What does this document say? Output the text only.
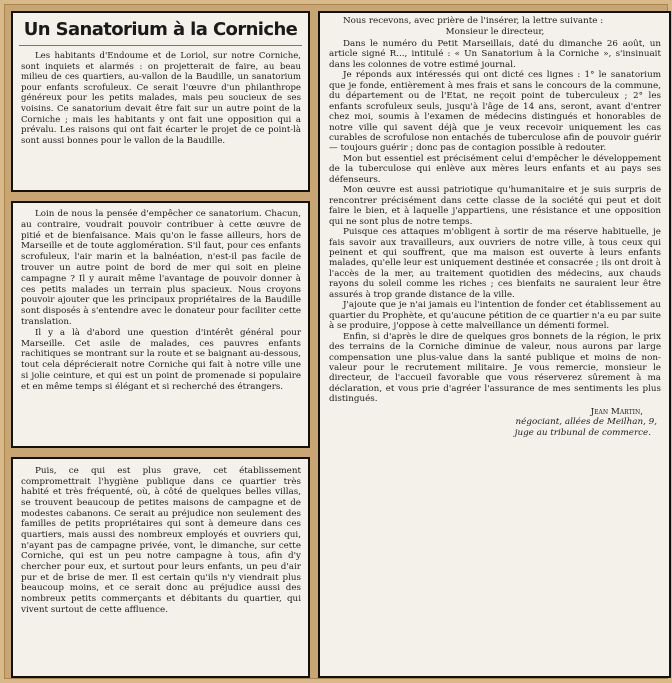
Un Sanatorium à la Corniche

Les habitants d'Endoume et de Loriol, sur notre Corniche, sont inquiets et alarmés : on projetterait de faire, au beau milieu de ces quartiers, au-vallon de la Baudille, un sanatorium pour enfants scrofuleux. Ce serait l'œuvre d'un philanthrope généreux pour les petits malades, mais peu soucieux de ses voisins. Ce sanatorium devait être fait sur un autre point de la Corniche ; mais les habitants y ont fait une opposition qui a prévalu. Les raisons qui ont fait écarter le projet de ce point-là sont aussi bonnes pour le vallon de la Baudille.

Loin de nous la pensée d'empêcher ce sanatorium. Chacun, au contraire, voudrait pouvoir contribuer à cette œuvre de pitié et de bienfaisance. Mais qu'on le fasse ailleurs, hors de Marseille et de toute agglomération. S'il faut, pour ces enfants scrofuleux, l'air marin et la balnéation, n'est-il pas facile de trouver un autre point de bord de mer qui soit en pleine campagne ? Il y aurait même l'avantage de pouvoir donner à ces petits malades un terrain plus spacieux. Nous croyons pouvoir ajouter que les principaux propriétaires de la Baudille sont disposés à s'entendre avec le donateur pour faciliter cette translation.

Il y a là d'abord une question d'intérêt général pour Marseille. Cet asile de malades, ces pauvres enfants rachitiques se montrant sur la route et se baignant au-dessous, tout cela déprécierait notre Corniche qui fait à notre ville une si jolie ceinture, et qui est un point de promenade si populaire et en même temps si élégant et si recherché des étrangers.

Puis, ce qui est plus grave, cet établissement compromettrait l'hygiène publique dans ce quartier très habité et très fréquenté, où, à côté de quelques belles villas, se trouvent beaucoup de petites maisons de campagne et de modestes cabanons. Ce serait au préjudice non seulement des familles de petits propriétaires qui sont à demeure dans ces quartiers, mais aussi des nombreux employés et ouvriers qui, n'ayant pas de campagne privée, vont, le dimanche, sur cette Corniche, qui est un peu notre campagne à tous, afin d'y chercher pour eux, et surtout pour leurs enfants, un peu d'air pur et de brise de mer. Il est certain qu'ils n'y viendrait plus beaucoup moins, et ce serait donc au préjudice aussi des nombreux petits commerçants et débitants du quartier, qui vivent surtout de cette affluence.

Nous recevons, avec prière de l'insérer, la lettre suivante :

Monsieur le directeur,

Dans le numéro du Petit Marseillais, daté du dimanche 26 août, un article signé R..., intitulé : « Un Sanatorium à la Corniche », s'insinuait dans les colonnes de votre estimé journal.

Je réponds aux intéressés qui ont dicté ces lignes : 1° le sanatorium que je fonde, entièrement à mes frais et sans le concours de la commune, du département ou de l'Etat, ne reçoit point de tuberculeux ; 2° les enfants scrofuleux seuls, jusqu'à l'âge de 14 ans, seront, avant d'entrer chez moi, soumis à l'examen de médecins distingués et honorables de notre ville qui savent déjà que je veux recevoir uniquement les cas curables de scrofulose non entachés de tuberculose afin de pouvoir guérir — toujours guérir ; donc pas de contagion possible à redouter.

Mon but essentiel est précisément celui d'empêcher le développement de la tuberculose qui enlève aux mères leurs enfants et au pays ses défenseurs.

Mon œuvre est aussi patriotique qu'humanitaire et je suis surpris de rencontrer précisément dans cette classe de la société qui peut et doit faire le bien, et à laquelle j'appartiens, une résistance et une opposition qui ne sont plus de notre temps.

Puisque ces attaques m'obligent à sortir de ma réserve habituelle, je fais savoir aux travailleurs, aux ouvriers de notre ville, à tous ceux qui peinent et qui souffrent, que ma maison est ouverte à leurs enfants malades, qu'elle leur est uniquement destinée et consacrée ; ils ont droit à l'accès de la mer, au traitement quotidien des médecins, aux chauds rayons du soleil comme les riches ; ces bienfaits ne sauraient leur être assurés à trop grande distance de la ville.

J'ajoute que je n'ai jamais eu l'intention de fonder cet établissement au quartier du Prophète, et qu'aucune pétition de ce quartier n'a eu par suite à se produire, j'oppose à cette malveillance un démenti formel.

Enfin, si d'après le dire de quelques gros bonnets de la région, le prix des terrains de la Corniche diminue de valeur, nous aurons par large compensation une plus-value dans la santé publique et moins de non-valeur pour le recrutement militaire. Je vous remercie, monsieur le directeur, de l'accueil favorable que vous réserverez sûrement à ma déclaration, et vous prie d'agréer l'assurance de mes sentiments les plus distingués.

Jean Martin,

négociant, allées de Meilhan, 9,

juge au tribunal de commerce.
